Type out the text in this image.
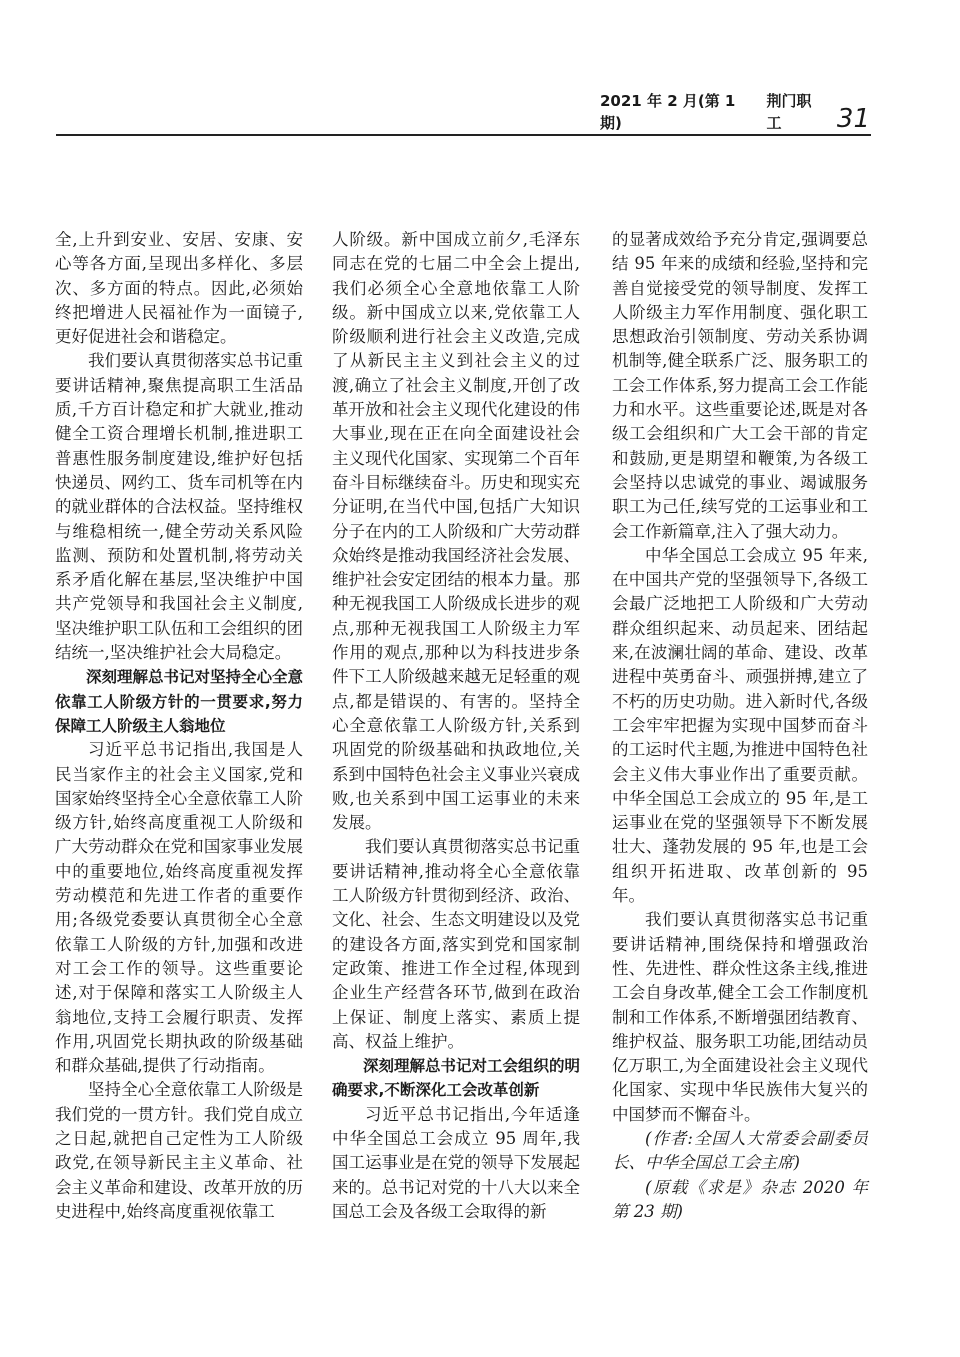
2021 年 2 月(第 1 期)
荆门职工	31

全,上升到安业、安居、安康、安心等各方面,呈现出多样化、多层次、多方面的特点。因此,必须始终把增进人民福祉作为一面镜子,更好促进社会和谐稳定。

我们要认真贯彻落实总书记重要讲话精神,聚焦提高职工生活品质,千方百计稳定和扩大就业,推动健全工资合理增长机制,推进职工普惠性服务制度建设,维护好包括快递员、网约工、货车司机等在内的就业群体的合法权益。坚持维权与维稳相统一,健全劳动关系风险监测、预防和处置机制,将劳动关系矛盾化解在基层,坚决维护中国共产党领导和我国社会主义制度,坚决维护职工队伍和工会组织的团结统一,坚决维护社会大局稳定。

深刻理解总书记对坚持全心全意依靠工人阶级方针的一贯要求,努力保障工人阶级主人翁地位

习近平总书记指出,我国是人民当家作主的社会主义国家,党和国家始终坚持全心全意依靠工人阶级方针,始终高度重视工人阶级和广大劳动群众在党和国家事业发展中的重要地位,始终高度重视发挥劳动模范和先进工作者的重要作用;各级党委要认真贯彻全心全意依靠工人阶级的方针,加强和改进对工会工作的领导。这些重要论述,对于保障和落实工人阶级主人翁地位,支持工会履行职责、发挥作用,巩固党长期执政的阶级基础和群众基础,提供了行动指南。

坚持全心全意依靠工人阶级是我们党的一贯方针。我们党自成立之日起,就把自己定性为工人阶级政党,在领导新民主主义革命、社会主义革命和建设、改革开放的历史进程中,始终高度重视依靠工

人阶级。新中国成立前夕,毛泽东同志在党的七届二中全会上提出,我们必须全心全意地依靠工人阶级。新中国成立以来,党依靠工人阶级顺利进行社会主义改造,完成了从新民主主义到社会主义的过渡,确立了社会主义制度,开创了改革开放和社会主义现代化建设的伟大事业,现在正在向全面建设社会主义现代化国家、实现第二个百年奋斗目标继续奋斗。历史和现实充分证明,在当代中国,包括广大知识分子在内的工人阶级和广大劳动群众始终是推动我国经济社会发展、维护社会安定团结的根本力量。那种无视我国工人阶级成长进步的观点,那种无视我国工人阶级主力军作用的观点,那种以为科技进步条件下工人阶级越来越无足轻重的观点,都是错误的、有害的。坚持全心全意依靠工人阶级方针,关系到巩固党的阶级基础和执政地位,关系到中国特色社会主义事业兴衰成败,也关系到中国工运事业的未来发展。

我们要认真贯彻落实总书记重要讲话精神,推动将全心全意依靠工人阶级方针贯彻到经济、政治、文化、社会、生态文明建设以及党的建设各方面,落实到党和国家制定政策、推进工作全过程,体现到企业生产经营各环节,做到在政治上保证、制度上落实、素质上提高、权益上维护。

深刻理解总书记对工会组织的明确要求,不断深化工会改革创新

习近平总书记指出,今年适逢中华全国总工会成立 95 周年,我国工运事业是在党的领导下发展起来的。总书记对党的十八大以来全国总工会及各级工会取得的新

的显著成效给予充分肯定,强调要总结 95 年来的成绩和经验,坚持和完善自觉接受党的领导制度、发挥工人阶级主力军作用制度、强化职工思想政治引领制度、劳动关系协调机制等,健全联系广泛、服务职工的工会工作体系,努力提高工会工作能力和水平。这些重要论述,既是对各级工会组织和广大工会干部的肯定和鼓励,更是期望和鞭策,为各级工会坚持以忠诚党的事业、竭诚服务职工为己任,续写党的工运事业和工会工作新篇章,注入了强大动力。

中华全国总工会成立 95 年来,在中国共产党的坚强领导下,各级工会最广泛地把工人阶级和广大劳动群众组织起来、动员起来、团结起来,在波澜壮阔的革命、建设、改革进程中英勇奋斗、顽强拼搏,建立了不朽的历史功勋。进入新时代,各级工会牢牢把握为实现中国梦而奋斗的工运时代主题,为推进中国特色社会主义伟大事业作出了重要贡献。中华全国总工会成立的 95 年,是工运事业在党的坚强领导下不断发展壮大、蓬勃发展的 95 年,也是工会组织开拓进取、改革创新的 95 年。

我们要认真贯彻落实总书记重要讲话精神,围绕保持和增强政治性、先进性、群众性这条主线,推进工会自身改革,健全工会工作制度机制和工作体系,不断增强团结教育、维护权益、服务职工功能,团结动员亿万职工,为全面建设社会主义现代化国家、实现中华民族伟大复兴的中国梦而不懈奋斗。

(作者:全国人大常委会副委员长、中华全国总工会主席)

(原载《求是》杂志 2020 年第 23 期)
